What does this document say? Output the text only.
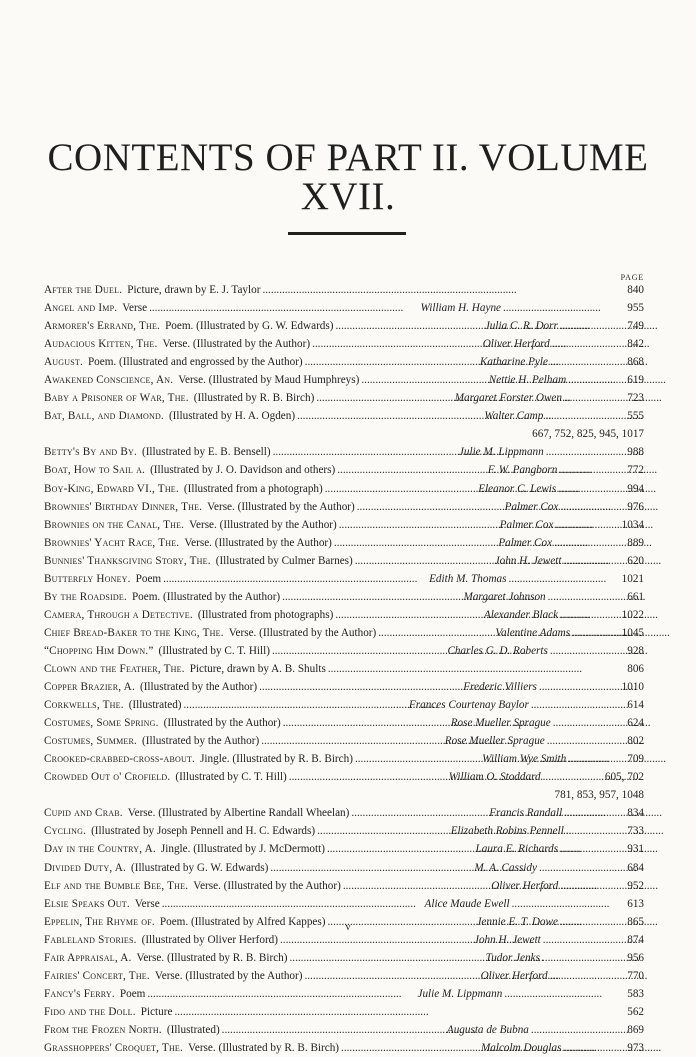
CONTENTS OF PART II. VOLUME XVII.
PAGE
After the Duel. Picture, drawn by E. J. Taylor . . .	840
Angel and Imp. Verse . . .	William H. Hayne . . .	955
Armorer's Errand, The. Poem. (Illustrated by G. W. Edwards) . . .	Julia C. R. Dorr . . .	749
Audacious Kitten, The. Verse. (Illustrated by the Author) . . .	Oliver Herford . . .	842
August. Poem. (Illustrated and engrossed by the Author) . . .	Katharine Pyle . . .	868
Awakened Conscience, An. Verse. (Illustrated by Maud Humphreys) . . .	Nettie H. Pelham . . .	619
Baby a Prisoner of War, The. (Illustrated by R. B. Birch) . . .	Margaret Forster Owen . . .	723
Bat, Ball, and Diamond. (Illustrated by H. A. Ogden) . . .	Walter Camp . . .	555
667, 752, 825, 945, 1017
Betty's By and By. (Illustrated by E. B. Bensell) . . .	Julie M. Lippmann . . .	988
Boat, How to Sail a. (Illustrated by J. O. Davidson and others) . . .	F. W. Pangborn . . .	772
Boy-King, Edward VI., The. (Illustrated from a photograph) . . .	Eleanor C. Lewis . . .	994
Brownies' Birthday Dinner, The. Verse. (Illustrated by the Author) . . .	Palmer Cox . . .	976
Brownies on the Canal, The. Verse. (Illustrated by the Author) . . .	Palmer Cox . . .	1034
Brownies' Yacht Race, The. Verse. (Illustrated by the Author) . . .	Palmer Cox . . .	889
Bunnies' Thanksgiving Story, The. (Illustrated by Culmer Barnes) . . .	John H. Jewett . . .	620
Butterfly Honey. Poem . . .	Edith M. Thomas . . .	1021
By the Roadside. Poem. (Illustrated by the Author) . . .	Margaret Johnson . . .	661
Camera, Through a Detective. (Illustrated from photographs) . . .	Alexander Black . . .	1022
Chief Bread-Baker to the King, The. Verse. (Illustrated by the Author) . . .	Valentine Adams . . .	1045
“Chopping Him Down.” (Illustrated by C. T. Hill) . . .	Charles G. D. Roberts . . .	928
Clown and the Feather, The. Picture, drawn by A. B. Shults . . .	806
Copper Brazier, A. (Illustrated by the Author) . . .	Frederic Villiers . . .	1010
Corkwells, The. (Illustrated) . . .	Frances Courtenay Baylor . . .	614
Costumes, Some Spring. (Illustrated by the Author) . . .	Rose Mueller Sprague . . .	624
Costumes, Summer. (Illustrated by the Author) . . .	Rose Mueller Sprague . . .	802
Crooked-crabbed-cross-about. Jingle. (Illustrated by R. B. Birch) . . .	William Wye Smith . . .	709
Crowded Out o' Crofield. (Illustrated by C. T. Hill) . . .	William O. Stoddard . . .	605, 702
781, 853, 957, 1048
Cupid and Crab. Verse. (Illustrated by Albertine Randall Wheelan) . . .	Francis Randall . . .	834
Cycling. (Illustrated by Joseph Pennell and H. C. Edwards) . . .	Elizabeth Robins Pennell . . .	733
Day in the Country, A. Jingle. (Illustrated by J. McDermott) . . .	Laura E. Richards . . .	931
Divided Duty, A. (Illustrated by G. W. Edwards) . . .	M. A. Cassidy . . .	684
Elf and the Bumble Bee, The. Verse. (Illustrated by the Author) . . .	Oliver Herford . . .	952
Elsie Speaks Out. Verse . . .	Alice Maude Ewell . . .	613
Eppelin, The Rhyme of. Poem. (Illustrated by Alfred Kappes) . . .	Jennie E. T. Dowe . . .	865
Fableland Stories. (Illustrated by Oliver Herford) . . .	John H. Jewett . . .	874
Fair Appraisal, A. Verse. (Illustrated by R. B. Birch) . . .	Tudor Jenks . . .	956
Fairies' Concert, The. Verse. (Illustrated by the Author) . . .	Oliver Herford . . .	770
Fancy's Ferry. Poem . . .	Julie M. Lippmann . . .	583
Fido and the Doll. Picture . . .	562
From the Frozen North. (Illustrated) . . .	Augusta de Bubna . . .	869
Grasshoppers' Croquet, The. Verse. (Illustrated by R. B. Birch) . . .	Malcolm Douglas . . .	973
v
